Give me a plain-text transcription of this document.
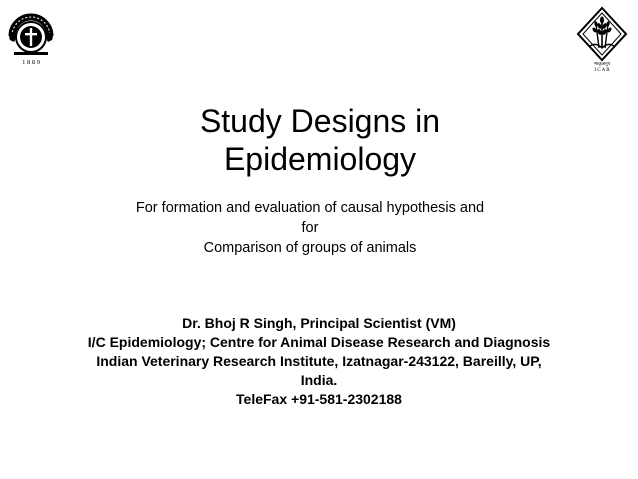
1 8 8 9	भाकृअनुप
I C A R
Study Designs in
Epidemiology
For formation and evaluation of causal hypothesis and
for
Comparison of groups of animals
Dr. Bhoj R Singh, Principal Scientist (VM)
I/C Epidemiology; Centre for Animal Disease Research and Diagnosis
Indian Veterinary Research Institute, Izatnagar-243122, Bareilly, UP,
India.
TeleFax +91-581-2302188
